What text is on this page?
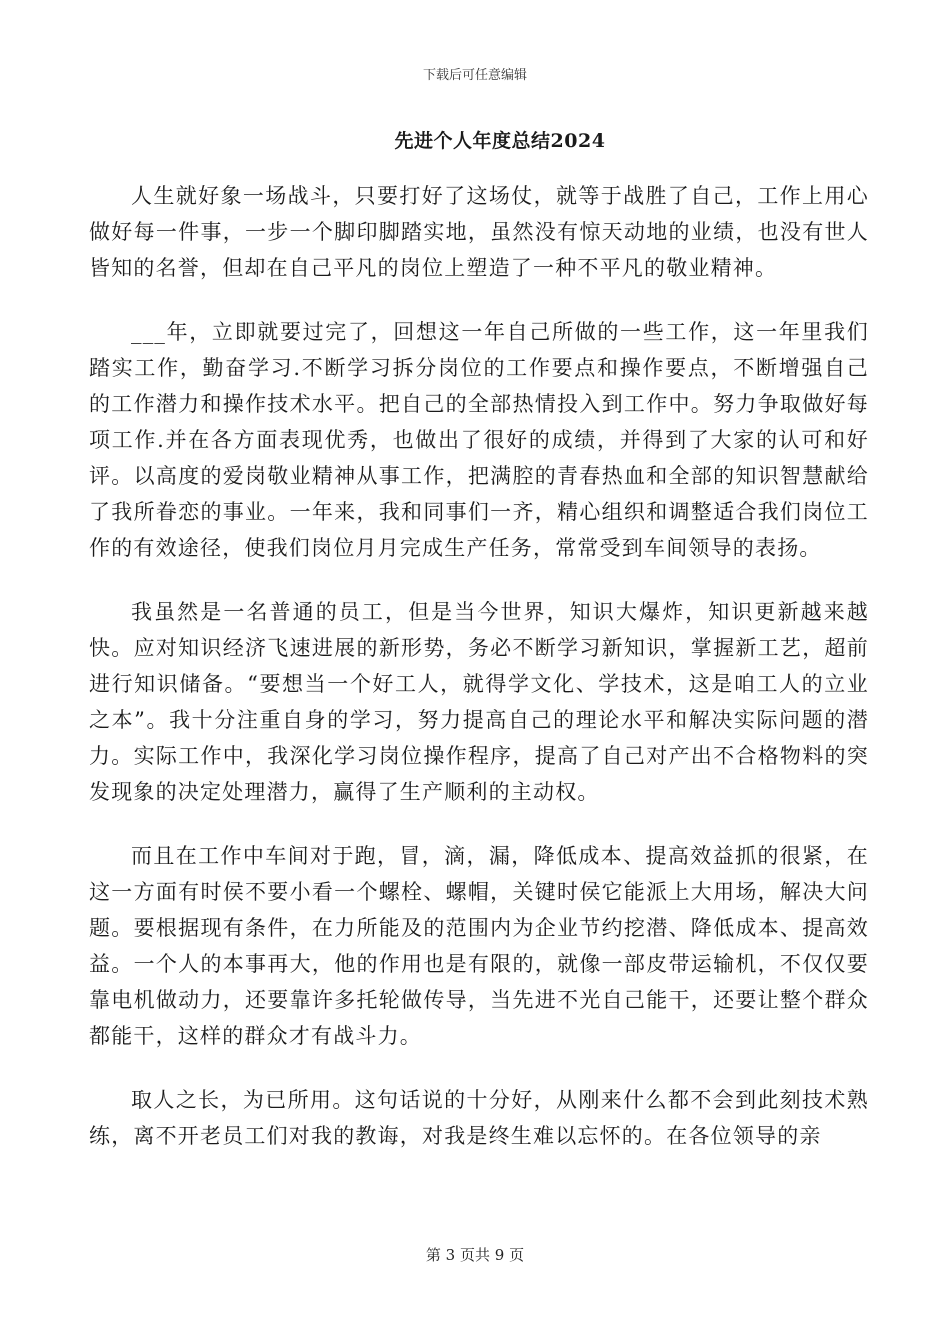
下载后可任意编辑
先进个人年度总结2024

人生就好象一场战斗，只要打好了这场仗，就等于战胜了自己，工作上用心做好每一件事，一步一个脚印脚踏实地，虽然没有惊天动地的业绩，也没有世人皆知的名誉，但却在自己平凡的岗位上塑造了一种不平凡的敬业精神。

___年，立即就要过完了，回想这一年自己所做的一些工作，这一年里我们踏实工作，勤奋学习.不断学习拆分岗位的工作要点和操作要点，不断增强自己的工作潜力和操作技术水平。把自己的全部热情投入到工作中。努力争取做好每项工作.并在各方面表现优秀，也做出了很好的成绩，并得到了大家的认可和好评。以高度的爱岗敬业精神从事工作，把满腔的青春热血和全部的知识智慧献给了我所眷恋的事业。一年来，我和同事们一齐，精心组织和调整适合我们岗位工作的有效途径，使我们岗位月月完成生产任务，常常受到车间领导的表扬。

我虽然是一名普通的员工，但是当今世界，知识大爆炸，知识更新越来越快。应对知识经济飞速进展的新形势，务必不断学习新知识，掌握新工艺，超前进行知识储备。“要想当一个好工人，就得学文化、学技术，这是咱工人的立业之本”。我十分注重自身的学习，努力提高自己的理论水平和解决实际问题的潜力。实际工作中，我深化学习岗位操作程序，提高了自己对产出不合格物料的突发现象的决定处理潜力，赢得了生产顺利的主动权。

而且在工作中车间对于跑，冒，滴，漏，降低成本、提高效益抓的很紧，在这一方面有时侯不要小看一个螺栓、螺帽，关键时侯它能派上大用场，解决大问题。要根据现有条件，在力所能及的范围内为企业节约挖潜、降低成本、提高效益。一个人的本事再大，他的作用也是有限的，就像一部皮带运输机，不仅仅要靠电机做动力，还要靠许多托轮做传导，当先进不光自己能干，还要让整个群众都能干，这样的群众才有战斗力。

取人之长，为已所用。这句话说的十分好，从刚来什么都不会到此刻技术熟练，离不开老员工们对我的教诲，对我是终生难以忘怀的。在各位领导的亲

第 3 页共 9 页
